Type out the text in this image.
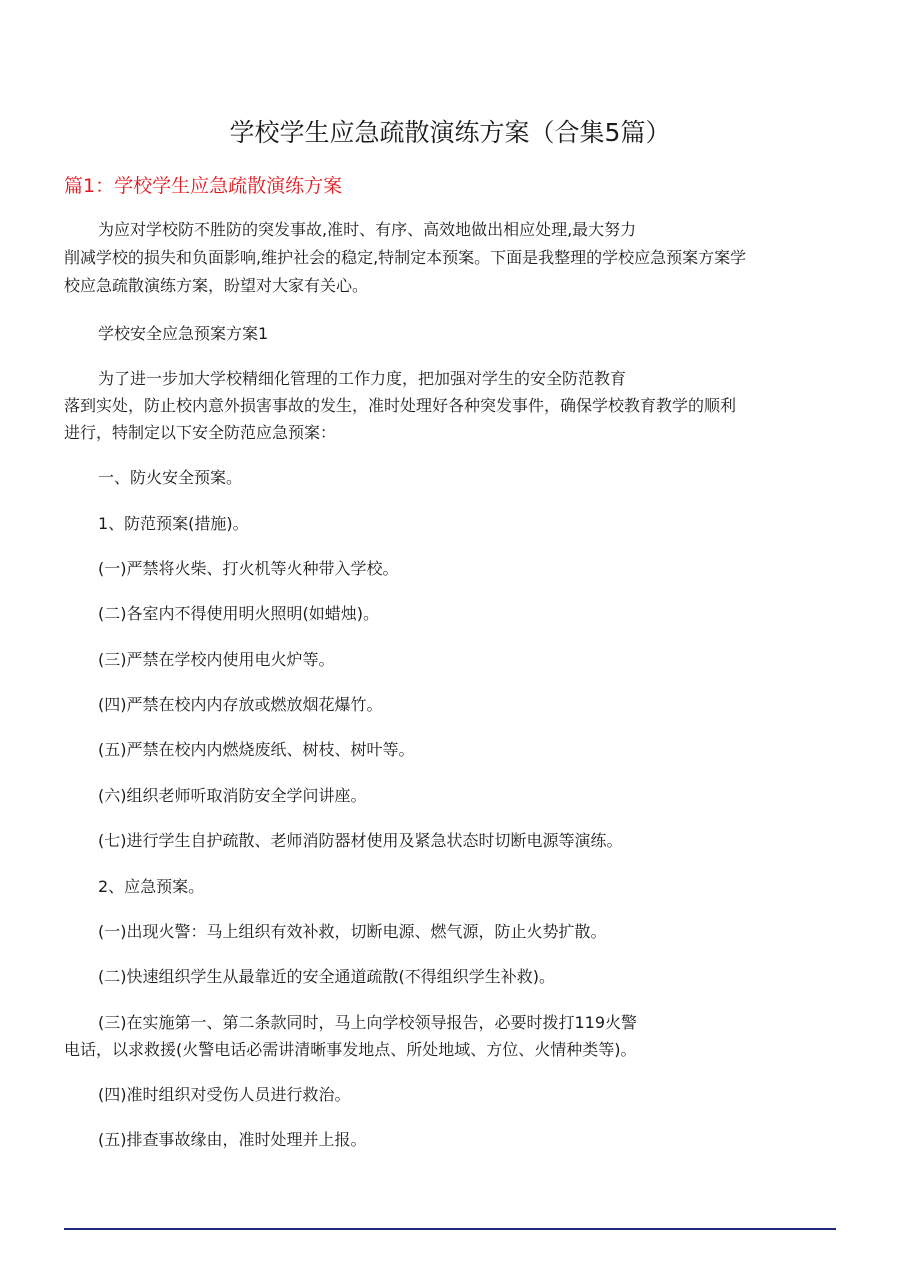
学校学生应急疏散演练方案（合集5篇）
篇1：学校学生应急疏散演练方案
为应对学校防不胜防的突发事故,准时、有序、高效地做出相应处理,最大努力
削减学校的损失和负面影响,维护社会的稳定,特制定本预案。下面是我整理的学校应急预案方案学
校应急疏散演练方案，盼望对大家有关心。
学校安全应急预案方案1
为了进一步加大学校精细化管理的工作力度，把加强对学生的安全防范教育
落到实处，防止校内意外损害事故的发生，准时处理好各种突发事件，确保学校教育教学的顺利
进行，特制定以下安全防范应急预案：
一、防火安全预案。
1、防范预案(措施)。
(一)严禁将火柴、打火机等火种带入学校。
(二)各室内不得使用明火照明(如蜡烛)。
(三)严禁在学校内使用电火炉等。
(四)严禁在校内内存放或燃放烟花爆竹。
(五)严禁在校内内燃烧废纸、树枝、树叶等。
(六)组织老师听取消防安全学问讲座。
(七)进行学生自护疏散、老师消防器材使用及紧急状态时切断电源等演练。
2、应急预案。
(一)出现火警：马上组织有效补救，切断电源、燃气源，防止火势扩散。
(二)快速组织学生从最靠近的安全通道疏散(不得组织学生补救)。
(三)在实施第一、第二条款同时，马上向学校领导报告，必要时拨打119火警
电话，以求救援(火警电话必需讲清晰事发地点、所处地域、方位、火情种类等)。
(四)准时组织对受伤人员进行救治。
(五)排查事故缘由，准时处理并上报。
